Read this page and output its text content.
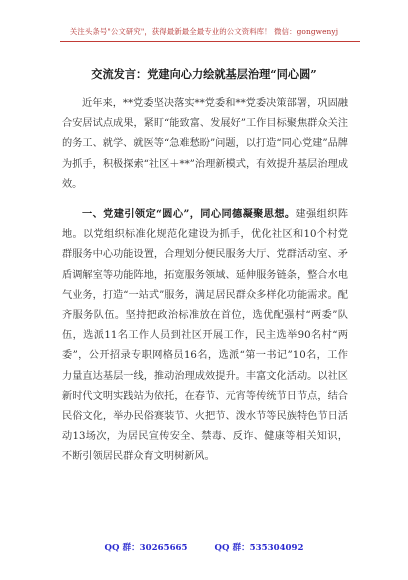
关注头条号"公文研究"，获得最新最全最专业的公文资料库！ 微信：gongwenyj
交流发言：党建向心力绘就基层治理“同心圆”
近年来，**党委坚决落实**党委和**党委决策部署，巩固融合安居试点成果，紧盯“能致富、发展好”工作目标聚焦群众关注的务工、就学、就医等“急难愁盼”问题，以打造“同心党建”品牌为抓手，积极探索“社区＋**”治理新模式，有效提升基层治理成效。
一、党建引领定“圆心”，同心同德凝聚思想。建强组织阵地。以党组织标准化规范化建设为抓手，优化社区和10个村党群服务中心功能设置，合理划分便民服务大厅、党群活动室、矛盾调解室等功能阵地，拓宽服务领域、延伸服务链条，整合水电气业务，打造“一站式”服务，满足居民群众多样化功能需求。配齐服务队伍。坚持把政治标准放在首位，选优配强村“两委”队伍，选派11名工作人员到社区开展工作，民主选举90名村“两委”，公开招录专职网格员16名，选派“第一书记”10名，工作力量直达基层一线，推动治理成效提升。丰富文化活动。以社区新时代文明实践站为依托，在春节、元宵等传统节日节点，结合民俗文化，举办民俗赛装节、火把节、泼水节等民族特色节日活动13场次，为居民宣传安全、禁毒、反诈、健康等相关知识，不断引领居民群众育文明树新风。
QQ 群：30265665	QQ 群：535304092
